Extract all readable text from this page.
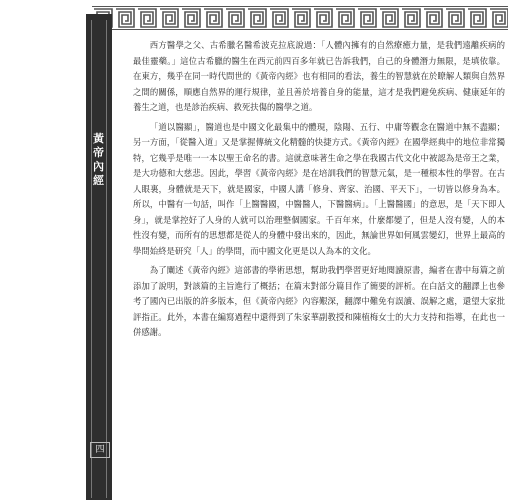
黃
帝
內
經
四

西方醫學之父、古希臘名醫希波克拉底說過：「人體內擁有的自然療癒力量，是我們遠離疾病的最佳靈藥。」這位古希臘的醫生在西元前四百多年就已告訴我們，自己的身體潛力無限，是填依靠。在東方，幾乎在同一時代問世的《黃帝內經》也有相同的看法，養生的智慧就在於瞭解人類與自然界之間的關係，順應自然界的運行規律，並且善於培養自身的能量，這才是我們避免疾病、健康延年的養生之道，也是診治疾病、救死扶傷的醫學之道。

「道以醫顯」，醫道也是中國文化最集中的體現，陰陽、五行、中庸等觀念在醫道中無不盡顯；另一方面，「從醫入道」又是掌握傳統文化精髓的快捷方式。《黃帝內經》在國學經典中的地位非常獨特，它幾乎是唯一一本以聖王命名的書。這就意味著生命之學在我國古代文化中被認為是帝王之業，是大功德和大慈悲。因此，學習《黃帝內經》是在培訓我們的智慧元氣，是一種根本性的學習。在古人眼裏，身體就是天下，就是國家，中國人講「修身、齊家、治國、平天下」，一切皆以修身為本。所以，中醫有一句話，叫作「上醫醫國，中醫醫人，下醫醫病」。「上醫醫國」的意思，是「天下即人身」，就是掌控好了人身的人就可以治理整個國家。千百年來，什麼都變了，但是人沒有變，人的本性沒有變，而所有的思想都是從人的身體中發出來的，因此，無論世界如何風雲變幻，世界上最高的學問始終是研究「人」的學問，而中國文化更是以人為本的文化。

為了闡述《黃帝內經》這部書的學術思想，幫助我們學習更好地閱讀原書，編者在書中每篇之前添加了說明，對該篇的主旨進行了概括；在篇末對部分篇目作了簡要的評析。在白話文的翻譯上也參考了國內已出版的許多版本，但《黃帝內經》內容艱深，翻譯中難免有誤讀、誤解之處，還望大家批評指正。此外，本書在編寫過程中還得到了朱家華副教授和陳植梅女士的大力支持和指導，在此也一併感謝。
